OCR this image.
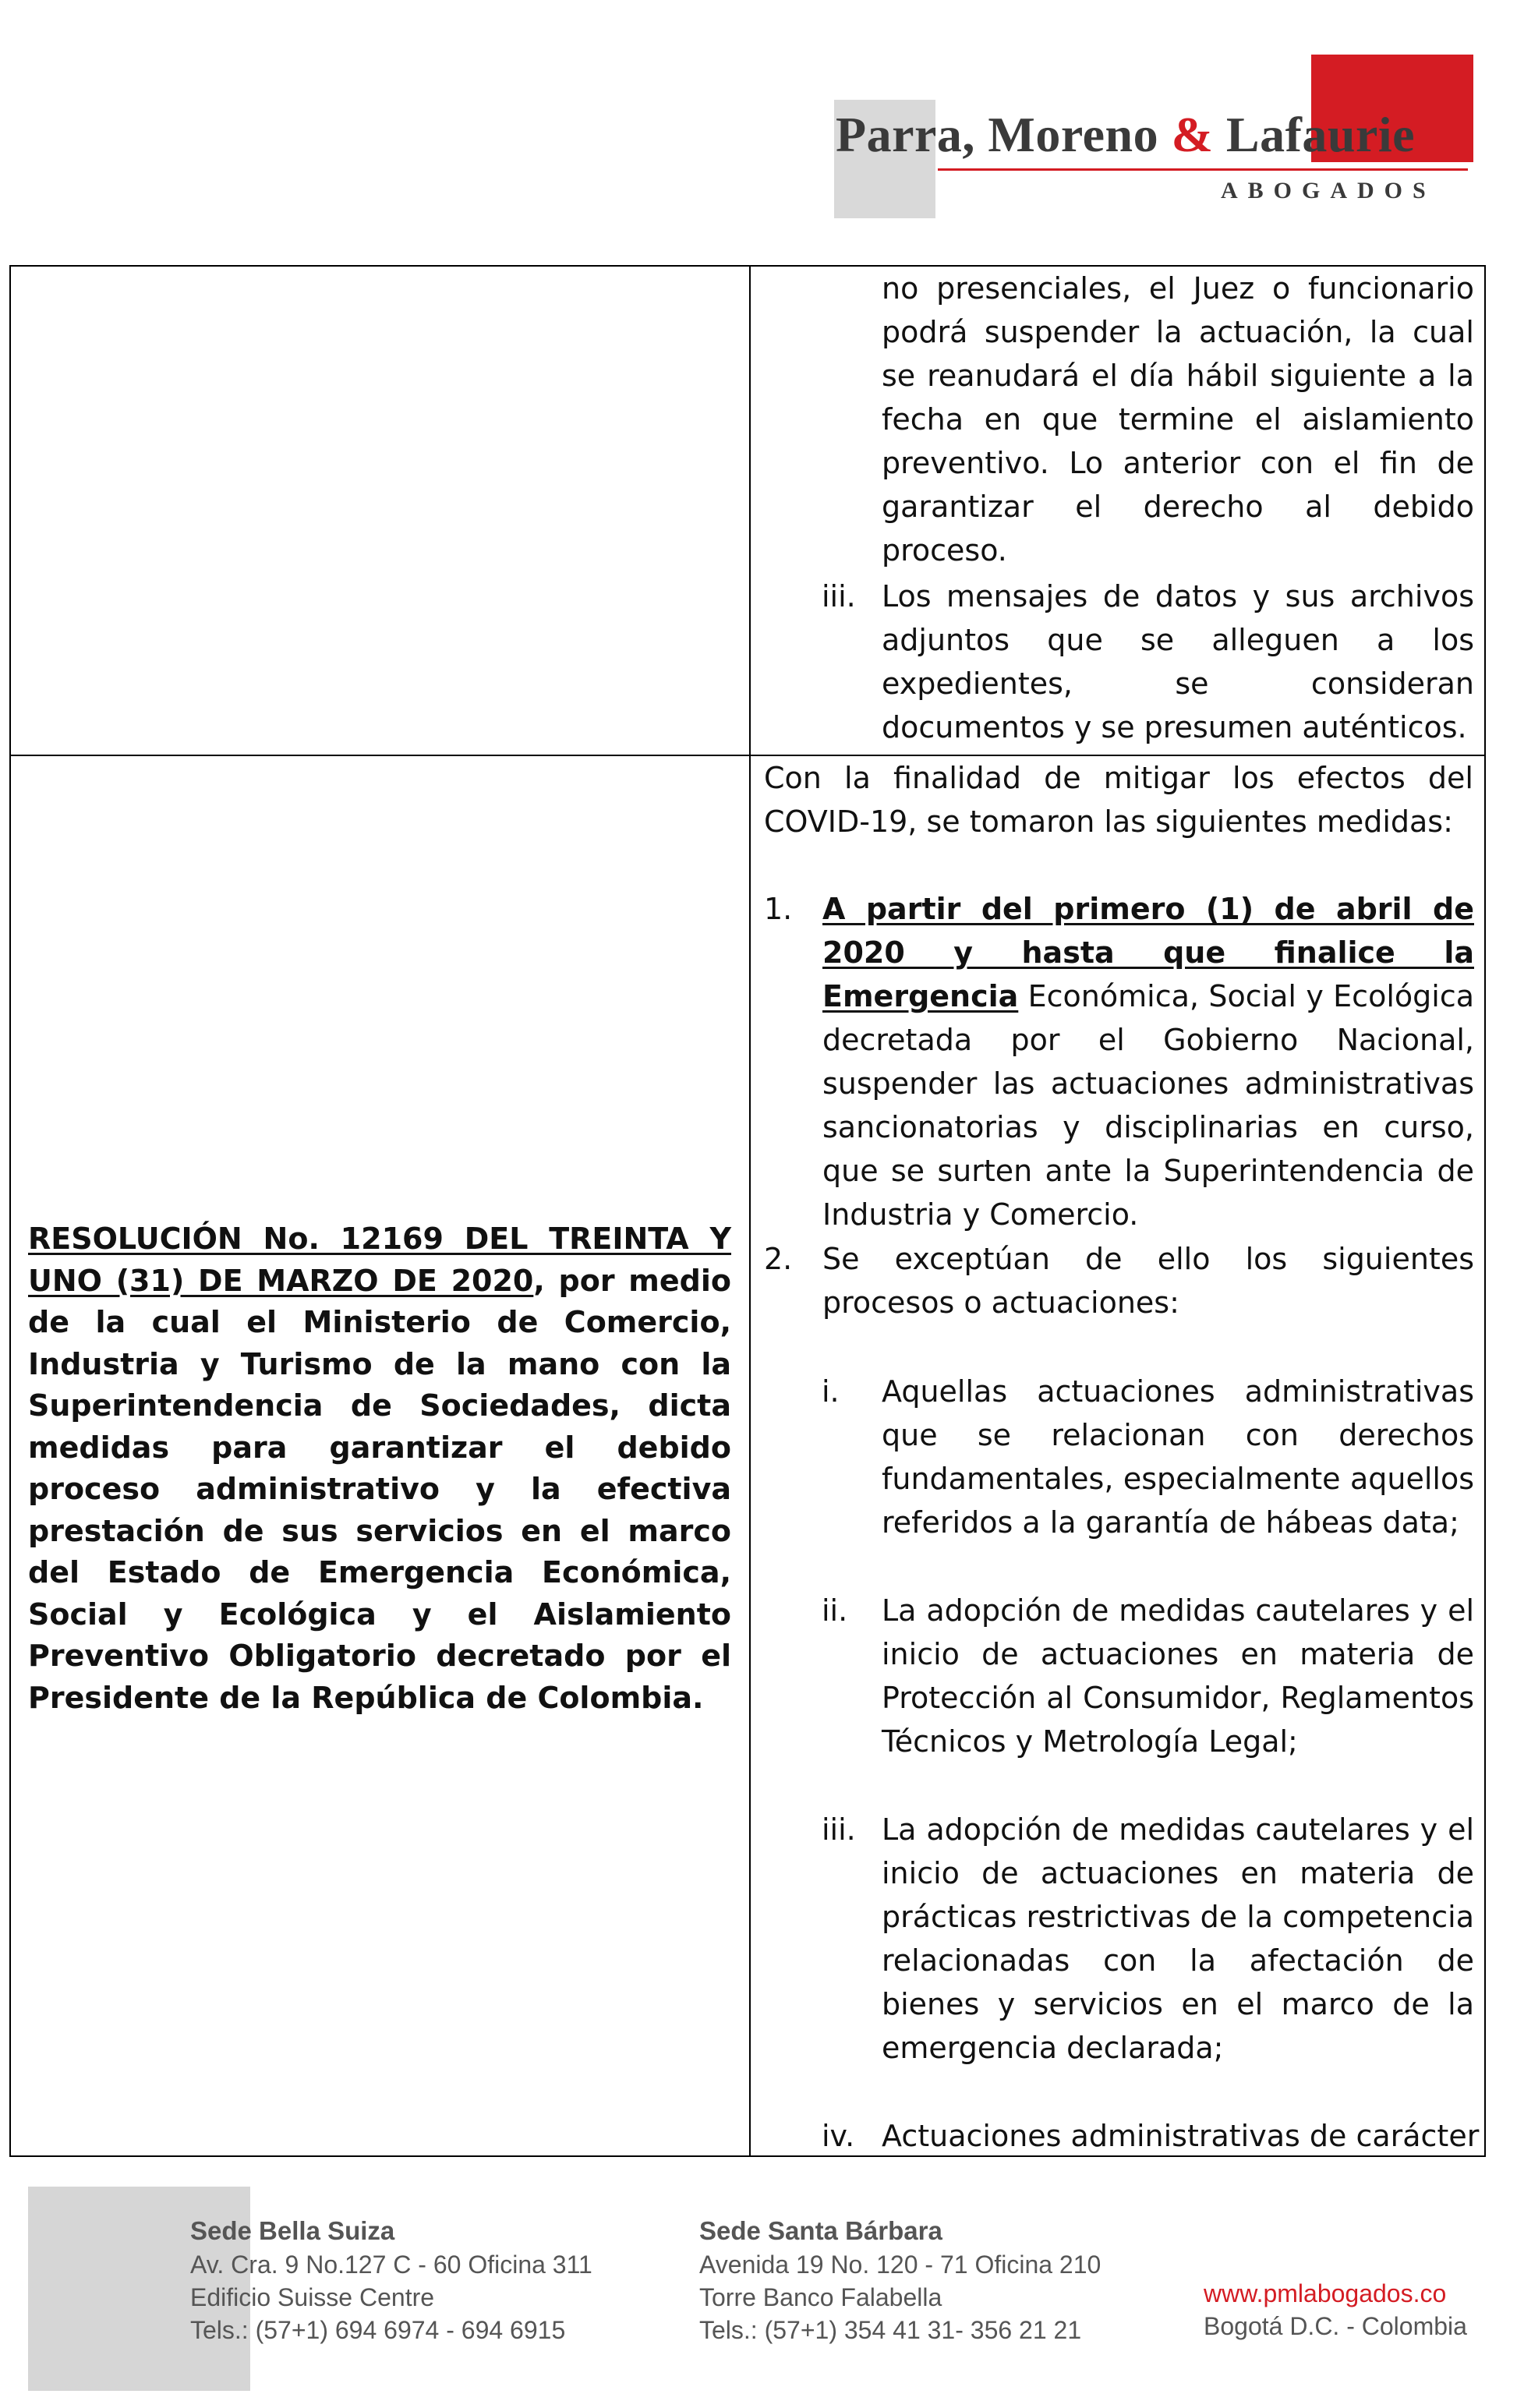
Parra, Moreno & Lafaurie

ABOGADOS

no presenciales, el Juez o funcionario podrá suspender la actuación, la cual se reanudará el día hábil siguiente a la fecha en que termine el aislamiento preventivo. Lo anterior con el fin de garantizar el derecho al debido proceso.

iii. Los mensajes de datos y sus archivos adjuntos que se alleguen a los expedientes, se consideran documentos y se presumen auténticos.

RESOLUCIÓN No. 12169 DEL TREINTA Y UNO (31) DE MARZO DE 2020, por medio de la cual el Ministerio de Comercio, Industria y Turismo de la mano con la Superintendencia de Sociedades, dicta medidas para garantizar el debido proceso administrativo y la efectiva prestación de sus servicios en el marco del Estado de Emergencia Económica, Social y Ecológica y el Aislamiento Preventivo Obligatorio decretado por el Presidente de la República de Colombia.

Con la finalidad de mitigar los efectos del COVID-19, se tomaron las siguientes medidas:

1. A partir del primero (1) de abril de 2020 y hasta que finalice la Emergencia Económica, Social y Ecológica decretada por el Gobierno Nacional, suspender las actuaciones administrativas sancionatorias y disciplinarias en curso, que se surten ante la Superintendencia de Industria y Comercio.

2. Se exceptúan de ello los siguientes procesos o actuaciones:

i. Aquellas actuaciones administrativas que se relacionan con derechos fundamentales, especialmente aquellos referidos a la garantía de hábeas data;

ii. La adopción de medidas cautelares y el inicio de actuaciones en materia de Protección al Consumidor, Reglamentos Técnicos y Metrología Legal;

iii. La adopción de medidas cautelares y el inicio de actuaciones en materia de prácticas restrictivas de la competencia relacionadas con la afectación de bienes y servicios en el marco de la emergencia declarada;

iv. Actuaciones administrativas de carácter

Sede Bella Suiza
Av. Cra. 9 No.127 C - 60 Oficina 311
Edificio Suisse Centre
Tels.: (57+1) 694 6974 - 694 6915
Sede Santa Bárbara
Avenida 19 No. 120 - 71 Oficina 210
Torre Banco Falabella
Tels.: (57+1) 354 41 31- 356 21 21
www.pmlabogados.co
Bogotá D.C. - Colombia
